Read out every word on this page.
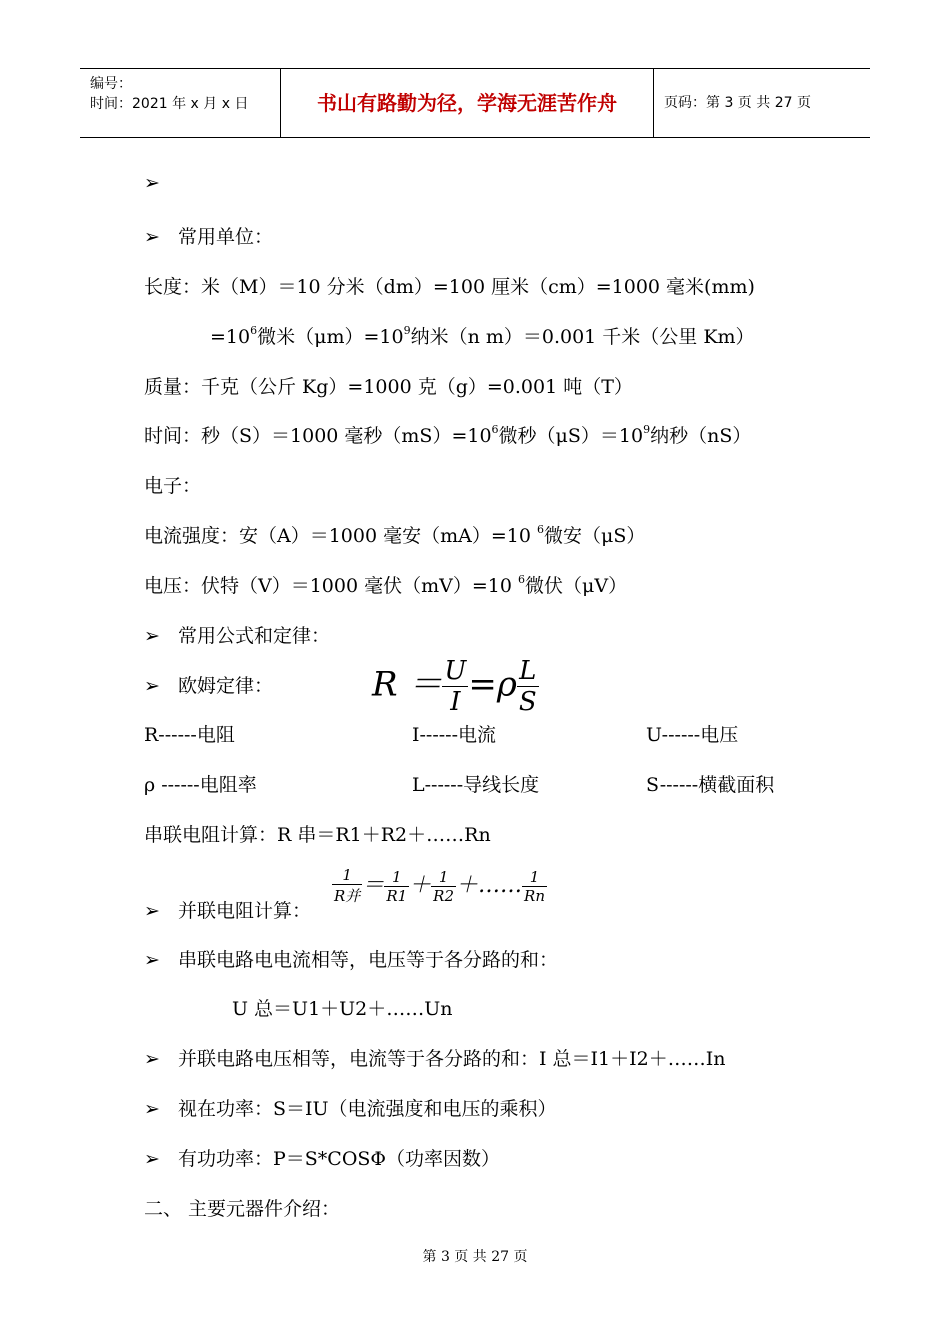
编号：
时间：2021 年 x 月 x 日	书山有路勤为径，学海无涯苦作舟	页码：第 3 页 共 27 页
➢
➢ 常用单位：
长度：米（M）＝10 分米（dm）=100 厘米（cm）=1000 毫米(mm)
$=10^6$微米$(\mu m)=10^9$纳米（n m）＝0.001 千米（公里 Km）
质量：千克（公斤 Kg）=1000 克（g）=0.001 吨（T）
时间：秒（S）＝1000 毫秒$(mS)=10^6$微秒$(\mu S)=10^9$纳秒（nS）
电子：
电流强度：安（A）＝1000 毫安（mA）=10 $^6$微安（μS）
电压：伏特（V）＝1000 毫伏（mV）=10 $^6$微伏（μV）
➢ 常用公式和定律：
➢ 欧姆定律：	$R = \frac{U}{I} =\rho \frac{L}{S}$
R------电阻	I------电流	U------电压
ρ ------电阻率	L------导线长度	S------横截面积
串联电阻计算：R 串＝R1＋R2＋……Rn
➢ 并联电阻计算：
$\frac{1}{\text{R并}} = \frac{1}{R1} + \frac{1}{R2}$ ＋…… $\frac{1}{Rn}$
➢ 串联电路电电流相等，电压等于各分路的和：
U 总＝U1＋U2＋……Un
➢ 并联电路电压相等，电流等于各分路的和：I 总＝I1＋I2＋……In
➢ 视在功率：S＝IU（电流强度和电压的乘积）
➢ 有功功率：P＝S*COSΦ（功率因数）
二、 主要元器件介绍：
第 3 页 共 27 页
